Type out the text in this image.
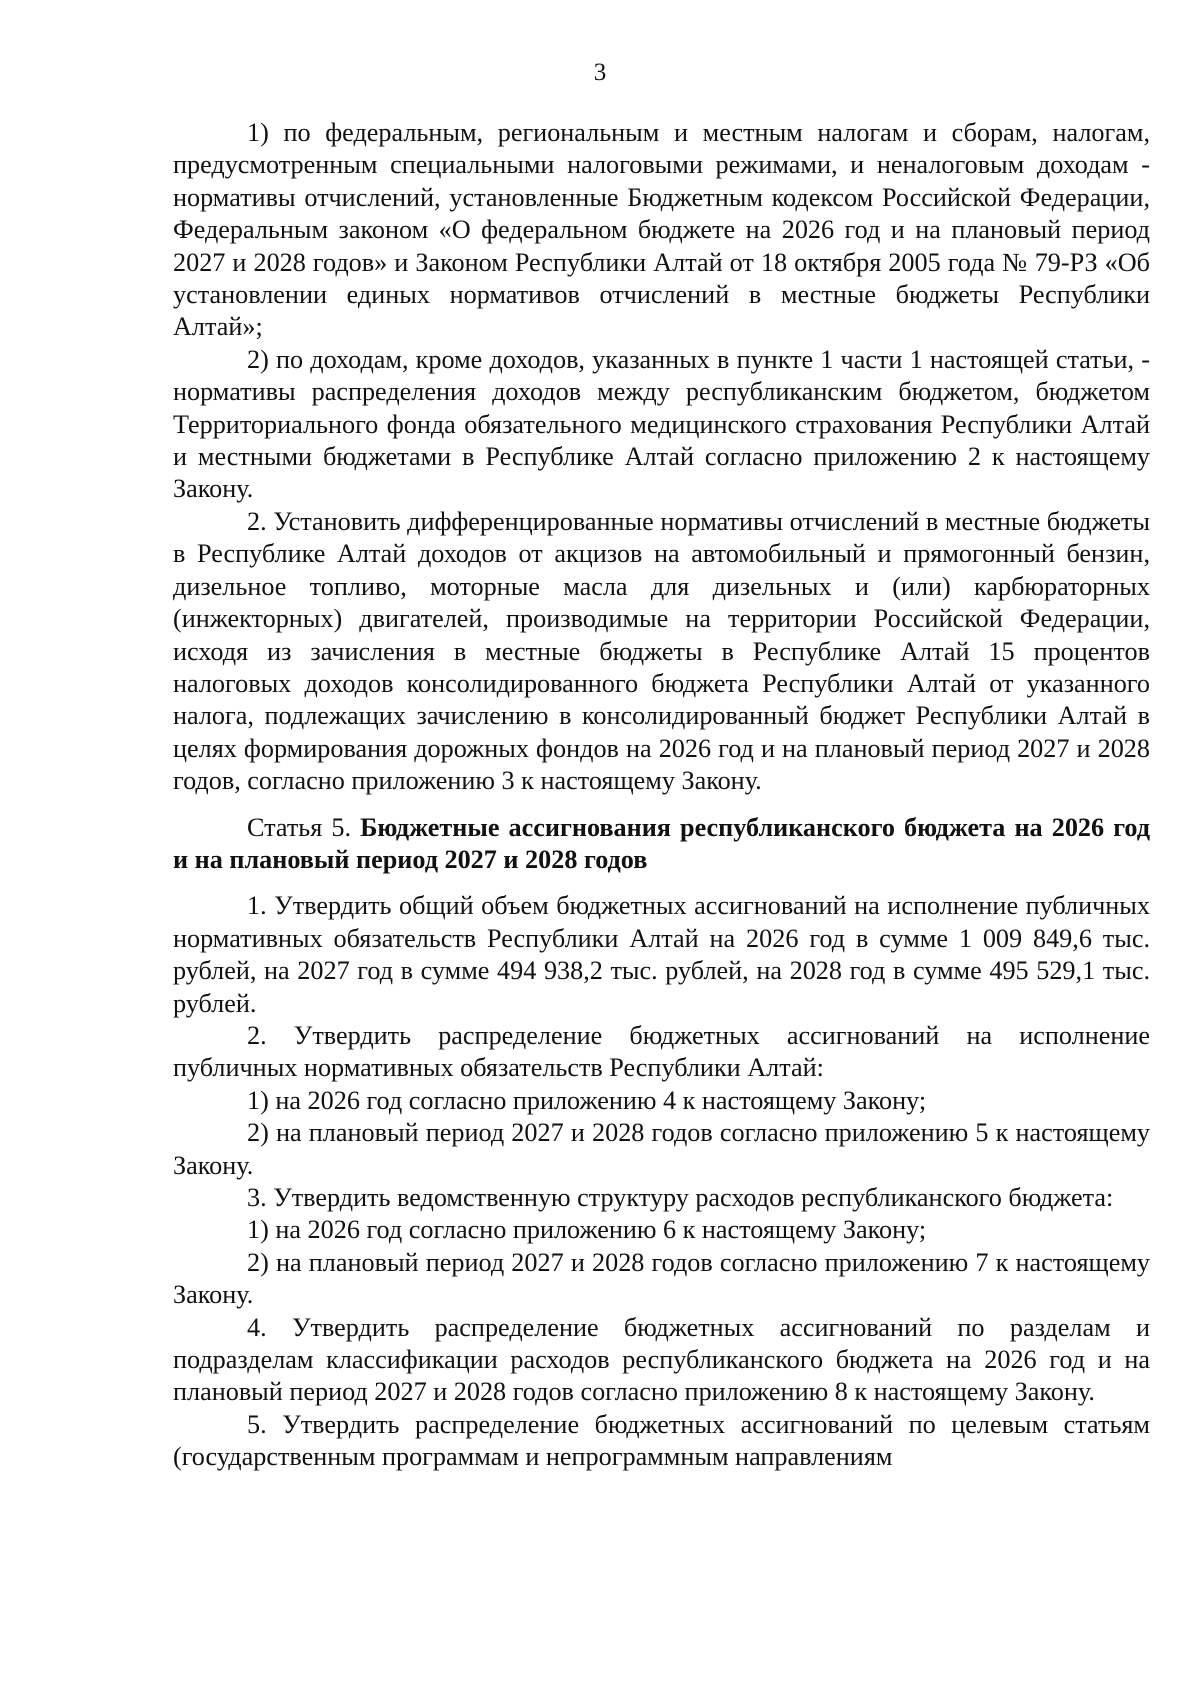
3

1) по федеральным, региональным и местным налогам и сборам, налогам, предусмотренным специальными налоговыми режимами, и неналоговым доходам - нормативы отчислений, установленные Бюджетным кодексом Российской Федерации, Федеральным законом «О федеральном бюджете на 2026 год и на плановый период 2027 и 2028 годов» и Законом Республики Алтай от 18 октября 2005 года № 79-РЗ «Об установлении единых нормативов отчислений в местные бюджеты Республики Алтай»;

2) по доходам, кроме доходов, указанных в пункте 1 части 1 настоящей статьи, - нормативы распределения доходов между республиканским бюджетом, бюджетом Территориального фонда обязательного медицинского страхования Республики Алтай и местными бюджетами в Республике Алтай согласно приложению 2 к настоящему Закону.

2. Установить дифференцированные нормативы отчислений в местные бюджеты в Республике Алтай доходов от акцизов на автомобильный и прямогонный бензин, дизельное топливо, моторные масла для дизельных и (или) карбюраторных (инжекторных) двигателей, производимые на территории Российской Федерации, исходя из зачисления в местные бюджеты в Республике Алтай 15 процентов налоговых доходов консолидированного бюджета Республики Алтай от указанного налога, подлежащих зачислению в консолидированный бюджет Республики Алтай в целях формирования дорожных фондов на 2026 год и на плановый период 2027 и 2028 годов, согласно приложению 3 к настоящему Закону.

Статья 5. Бюджетные ассигнования республиканского бюджета на 2026 год и на плановый период 2027 и 2028 годов

1. Утвердить общий объем бюджетных ассигнований на исполнение публичных нормативных обязательств Республики Алтай на 2026 год в сумме 1 009 849,6 тыс. рублей, на 2027 год в сумме 494 938,2 тыс. рублей, на 2028 год в сумме 495 529,1 тыс. рублей.

2. Утвердить распределение бюджетных ассигнований на исполнение публичных нормативных обязательств Республики Алтай:

1) на 2026 год согласно приложению 4 к настоящему Закону;

2) на плановый период 2027 и 2028 годов согласно приложению 5 к настоящему Закону.

3. Утвердить ведомственную структуру расходов республиканского бюджета:

1) на 2026 год согласно приложению 6 к настоящему Закону;

2) на плановый период 2027 и 2028 годов согласно приложению 7 к настоящему Закону.

4. Утвердить распределение бюджетных ассигнований по разделам и подразделам классификации расходов республиканского бюджета на 2026 год и на плановый период 2027 и 2028 годов согласно приложению 8 к настоящему Закону.

5. Утвердить распределение бюджетных ассигнований по целевым статьям (государственным программам и непрограммным направлениям
